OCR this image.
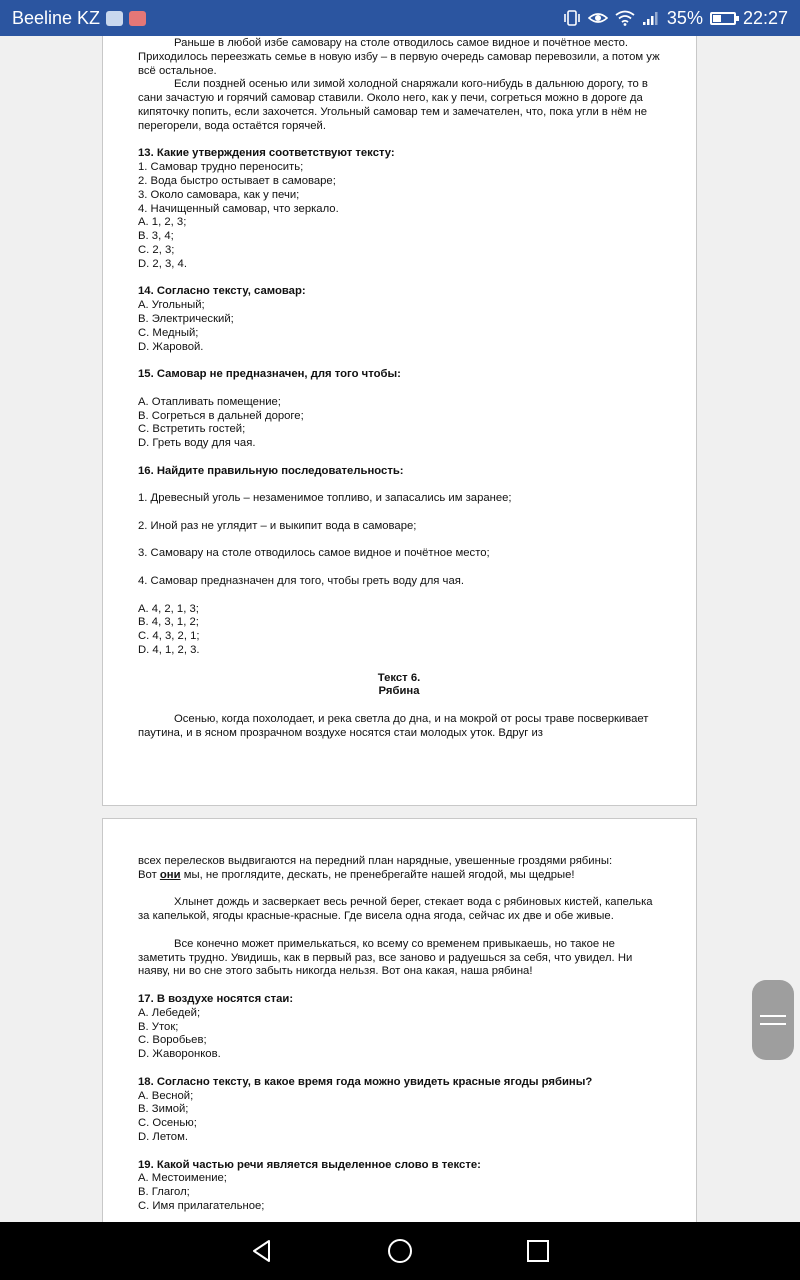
Beeline KZ	35% 22:27
Раньше в любой избе самовару на столе отводилось самое видное и почётное место.
Приходилось переезжать семье в новую избу – в первую очередь самовар перевозили, а потом уж всё остальное.
Если поздней осенью или зимой холодной снаряжали кого-нибудь в дальнюю дорогу, то в сани зачастую и горячий самовар ставили. Около него, как у печи, согреться можно в дороге да кипяточку попить, если захочется. Угольный самовар тем и замечателен, что, пока угли в нём не перегорели, вода остаётся горячей.
13. Какие утверждения соответствуют тексту:
1. Самовар трудно переносить;
2. Вода быстро остывает в самоваре;
3. Около самовара, как у печи;
4. Начищенный самовар, что зеркало.
A. 1, 2, 3;
B. 3, 4;
C. 2, 3;
D. 2, 3, 4.
14. Согласно тексту, самовар:
A. Угольный;
B. Электрический;
C. Медный;
D. Жаровой.
15. Самовар не предназначен, для того чтобы:
A. Отапливать помещение;
B. Согреться в дальней дороге;
C. Встретить гостей;
D. Греть воду для чая.
16. Найдите правильную последовательность:
1. Древесный уголь – незаменимое топливо, и запасались им заранее;
2. Иной раз не углядит – и выкипит вода в самоваре;
3. Самовару на столе отводилось самое видное и почётное место;
4. Самовар предназначен для того, чтобы греть воду для чая.
A. 4, 2, 1, 3;
B. 4, 3, 1, 2;
C. 4, 3, 2, 1;
D. 4, 1, 2, 3.
Текст 6.
Рябина
Осенью, когда похолодает, и река светла до дна, и на мокрой от росы траве посверкивает паутина, и в ясном прозрачном воздухе носятся стаи молодых уток. Вдруг из
всех перелесков выдвигаются на передний план нарядные, увешенные гроздями рябины:
Вот они мы, не проглядите, дескать, не пренебрегайте нашей ягодой, мы щедрые!
Хлынет дождь и засверкает весь речной берег, стекает вода с рябиновых кистей, капелька за капелькой, ягоды красные-красные. Где висела одна ягода, сейчас их две и обе живые.
Все конечно может примелькаться, ко всему со временем привыкаешь, но такое не заметить трудно. Увидишь, как в первый раз, все заново и радуешься за себя, что увидел. Ни наяву, ни во сне этого забыть никогда нельзя. Вот она какая, наша рябина!
17. В воздухе носятся стаи:
A. Лебедей;
B. Уток;
C. Воробьев;
D. Жаворонков.
18. Согласно тексту, в какое время года можно увидеть красные ягоды рябины?
A. Весной;
B. Зимой;
C. Осенью;
D. Летом.
19. Какой частью речи является выделенное слово в тексте:
A. Местоимение;
B. Глагол;
C. Имя прилагательное;
